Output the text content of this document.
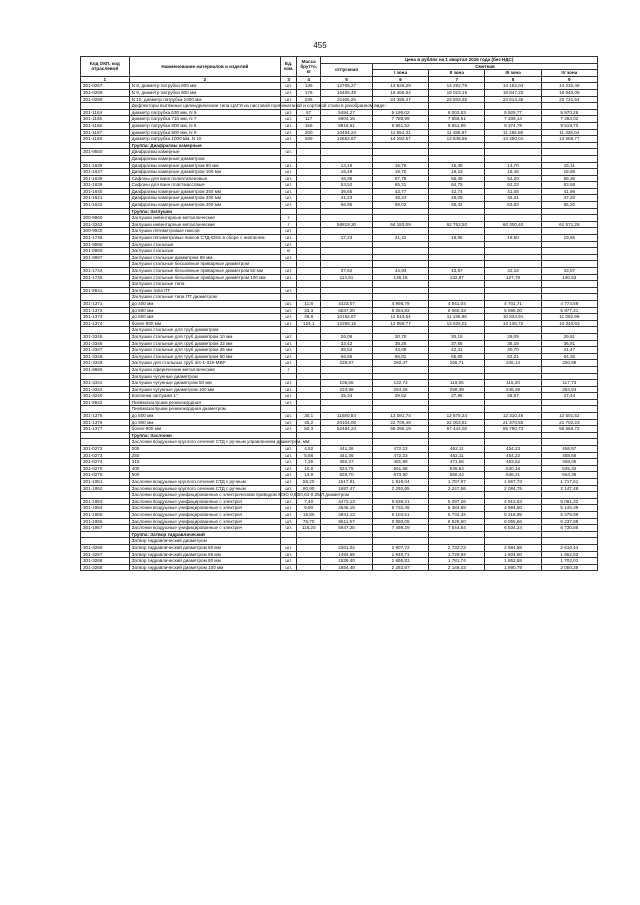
455
Код ОКП, код отраслевой	Наименование материалов и изделий	Ед. изм.	Масса брутто, кг	Цена в рублях на 1 квартал 2016 года (без НДС)				
				отпускная	Сметная			
					I зона	II зона	III зона	IV зона
1	2	3	4	5	6	7	8	9
301-0267	N 8, диаметр патрубка 800 мм	шт.	136	12705,27	14 626,29	14 292,79	14 152,04	14 232,49
301-0268	N 9, диаметр патрубка 900 мм	шт.	176	16408,49	19 465,54	19 023,19	18 847,20	18 940,05
301-0269	N 10, диаметр патрубка 1000 мм	шт.	235	21165,26	24 395,47	23 833,35	23 614,36	23 731,64
	Дефлекторы вытяжные цилиндрические типа ЦАГИ из листовой горячекатаной и сортовой стали в разобранном виде:							
301-1164	диаметр патрубка 630 мм, N 6	шт.	67	5484,27	6 195,02	6 002,53	5 929,77	5 970,28
301-1165	диаметр патрубка 710 мм, N 7	шт.	117	6904,16	7 788,99	7 558,61	7 339,14	7 453,02
301-1166	диаметр патрубка 800 мм, N 8	шт.	156	8818,61	9 961,52	9 651,96	9 374,79	9 519,70
301-1167	диаметр патрубка 900 мм, N 9	шт.	200	10494,24	11 854,31	11 485,97	11 155,58	11 328,04
301-1168	диаметр патрубка 1000 мм, N 10	шт.	289	12652,87	14 292,57	13 848,59	13 450,01	13 658,77
	Группа: Диафрагмы камерные							
301-9550	Диафрагмы камерные	шт.						
	Диафрагмы камерные диаметром							
301-1636	Диафрагмы камерные диаметром 80 мм	шт.		13,19	15,76	15,39	14,70	15,11
301-1637	Диафрагмы камерные диаметром 100 мм	шт.		16,49	19,70	19,23	18,48	18,88
301-1638	Сифоны для ванн полиэтиленовые	шт.		46,36	57,76	56,39	54,20	55,36
301-1639	Сифоны для ванн пластмассовые	шт.		53,52	65,31	64,75	62,23	63,58
301-1640	Диафрагмы камерные диаметром 250 мм	шт.		36,65	43,77	42,74	41,08	41,96
301-1641	Диафрагмы камерные диаметром 300 мм	шт.		41,23	49,24	48,08	46,21	47,20
301-1642	Диафрагмы камерные диаметром 400 мм	шт.		56,95	68,02	66,42	63,83	65,20
	Группа: Заглушки							
300-9960	Заглушки инвентарные металлические	т						
301-3342	Заглушки инвентарные металлические	т		56819,30	64 183,09	62 752,50	60 300,40	61 571,28
300-9940	Заглушки пятиметровые пиксов	шт.						
301-1746	Заглушки пятиметровых пиксов СТД-8281 в сборе с ниппелем	шт.		17,23	21,22	19,95	19,50	19,65
301-9986	Заглушки стальные	шт.						
301-9989	Заглушки стальные	кг						
301-9987	Заглушки стальные диаметром 89 мм	шт.						
	Заглушки стальные бесшовные приварные диаметром							
301-1744	Заглушки стальные бесшовные приварные диаметром 50 мм	шт.		37,62	44,93	43,87	42,16	43,07
301-1745	Заглушки стальные бесшовные приварные диаметром 100 мм	шт.		114,61	136,18	132,97	127,78	130,53
	Заглушки стальные типа							
301-9641	Заглушки типа ПТ	шт.						
	Заглушки стальные типа ПТ диаметром							
301-1371	до 400 мм	шт.	11,8	4423,07	4 996,79	4 841,04	4 701,71	4 774,69
301-1372	до 600 мм	шт.	33,3	5537,20	6 254,83	6 060,43	5 886,00	5 977,41
301-1373	до 800 мм	шт.	49,8	10192,67	11 513,64	11 155,86	10 834,91	11 002,99
301-1374	более 800 мм	шт.	124,1	12358,15	13 959,77	13 526,01	13 136,72	13 340,63
	Заглушки стальные для труб диаметром							
301-3345	Заглушки стальные для труб диаметром 10 мм	шт.		26,06	30,70	30,19	29,09	29,61
301-3346	Заглушки стальные для труб диаметром 22 мм	шт.		32,42	38,25	37,56	36,16	36,81
301-3347	Заглушки стальные для труб диаметром 25 мм	шт.		36,52	43,08	42,31	40,70	41,47
301-3348	Заглушки стальные для труб диаметром 50 мм	шт.		56,65	66,81	65,65	63,21	64,36
301-3349	Заглушки для стальных труб 3/4-1-319-МВР	шт.		239,87	260,47	255,71	246,14	250,89
301-9866	Заглушки сферические металлические	т						
	Заглушки чугунные диаметром							
301-3341	Заглушки чугунные диаметром 50 мм	шт.		106,65	122,73	119,85	115,30	117,73
301-3342	Заглушки чугунные диаметром 100 мм	шт.		233,98	264,28	258,39	248,29	253,53
301-3240	Колпачки заглушки 1"	шт.		25,34	29,52	27,98	26,87	27,44
301-9642	Пневмозаглушки резинокордная	шт.						
	Пневмозаглушки резинокордная диаметром							
301-1375	до 600 мм	шт.	30,1	11580,84	13 081,74	12 675,24	12 310,46	12 501,52
301-1376	до 900 мм	шт.	45,2	20104,00	22 709,48	22 003,81	21 370,55	21 702,23
301-1377	более 900 мм	шт.	50,3	52484,24	59 286,19	57 444,00	55 790,73	56 656,72
	Группа: Заслонки							
	Заслонки воздушные круглого сечения СТД с ручным управлением диаметром, мм:							
301-0272	200	шт.	4,52	441,36	472,23	462,11	454,23	458,57
301-0273	250	шт.	5,68	441,36	472,23	462,11	454,22	458,56
301-0274	315	шт.	7,26	450,37	481,89	471,56	463,52	468,05
301-0275	400	шт.	10,6	524,75	561,58	549,54	540,16	545,32
301-0276	500	шт.	13,9	629,70	673,90	659,44	648,21	654,39
301-1951	Заслонки воздушные круглого сечения СТД с ручным	шт.	58,20	1517,91	1 918,04	1 797,97	1 667,73	1 717,61
301-1952	Заслонки воздушные круглого сечения СТД с ручным	шт.	90,90	1697,47	2 292,65	2 247,56	2 084,75	2 147,48
	Заслонки воздушные унифицированные с электрическим приводом МЭО 0,63/0,63-0,25/Л диаметром							
301-1953	Заслонки воздушные унифицированные с электрич	шт.	7,40	4472,13	5 639,21	5 297,26	4 913,53	5 061,32
301-1954	Заслонки воздушные унифицированные с электрич	шт.	9,80	4546,16	5 732,49	5 384,88	4 994,80	5 145,39
301-1955	Заслонки воздушные унифицированные с электрич	шт.	18,80	4841,13	6 104,51	5 734,34	5 318,95	5 478,99
301-1956	Заслонки воздушные унифицированные с электрич	шт.	75,70	5511,57	6 950,05	6 528,60	6 055,66	6 237,88
301-1957	Заслонки воздушные унифицированные с электрич	шт.	118,20	5947,25	7 499,29	7 044,54	6 534,24	6 730,85
	Группа: Затвор гидравлический							
	Затвор гидравлический диаметром							
301-3266	Затвор гидравлический диаметром 50 мм	шт.		2361,04	2 907,72	2 732,73	2 594,58	2 610,44
301-3267	Затвор гидравлический диаметром 65 мм	шт.		1494,65	1 840,71	1 729,94	1 604,50	1 652,53
301-3268	Затвор гидравлический диаметром 80 мм	шт.		1539,40	1 895,83	1 781,74	1 652,55	1 702,01
301-3258	Затвор гидравлический диаметром 100 мм	шт.		1854,48	2 283,87	2 146,43	1 990,79	2 050,38
